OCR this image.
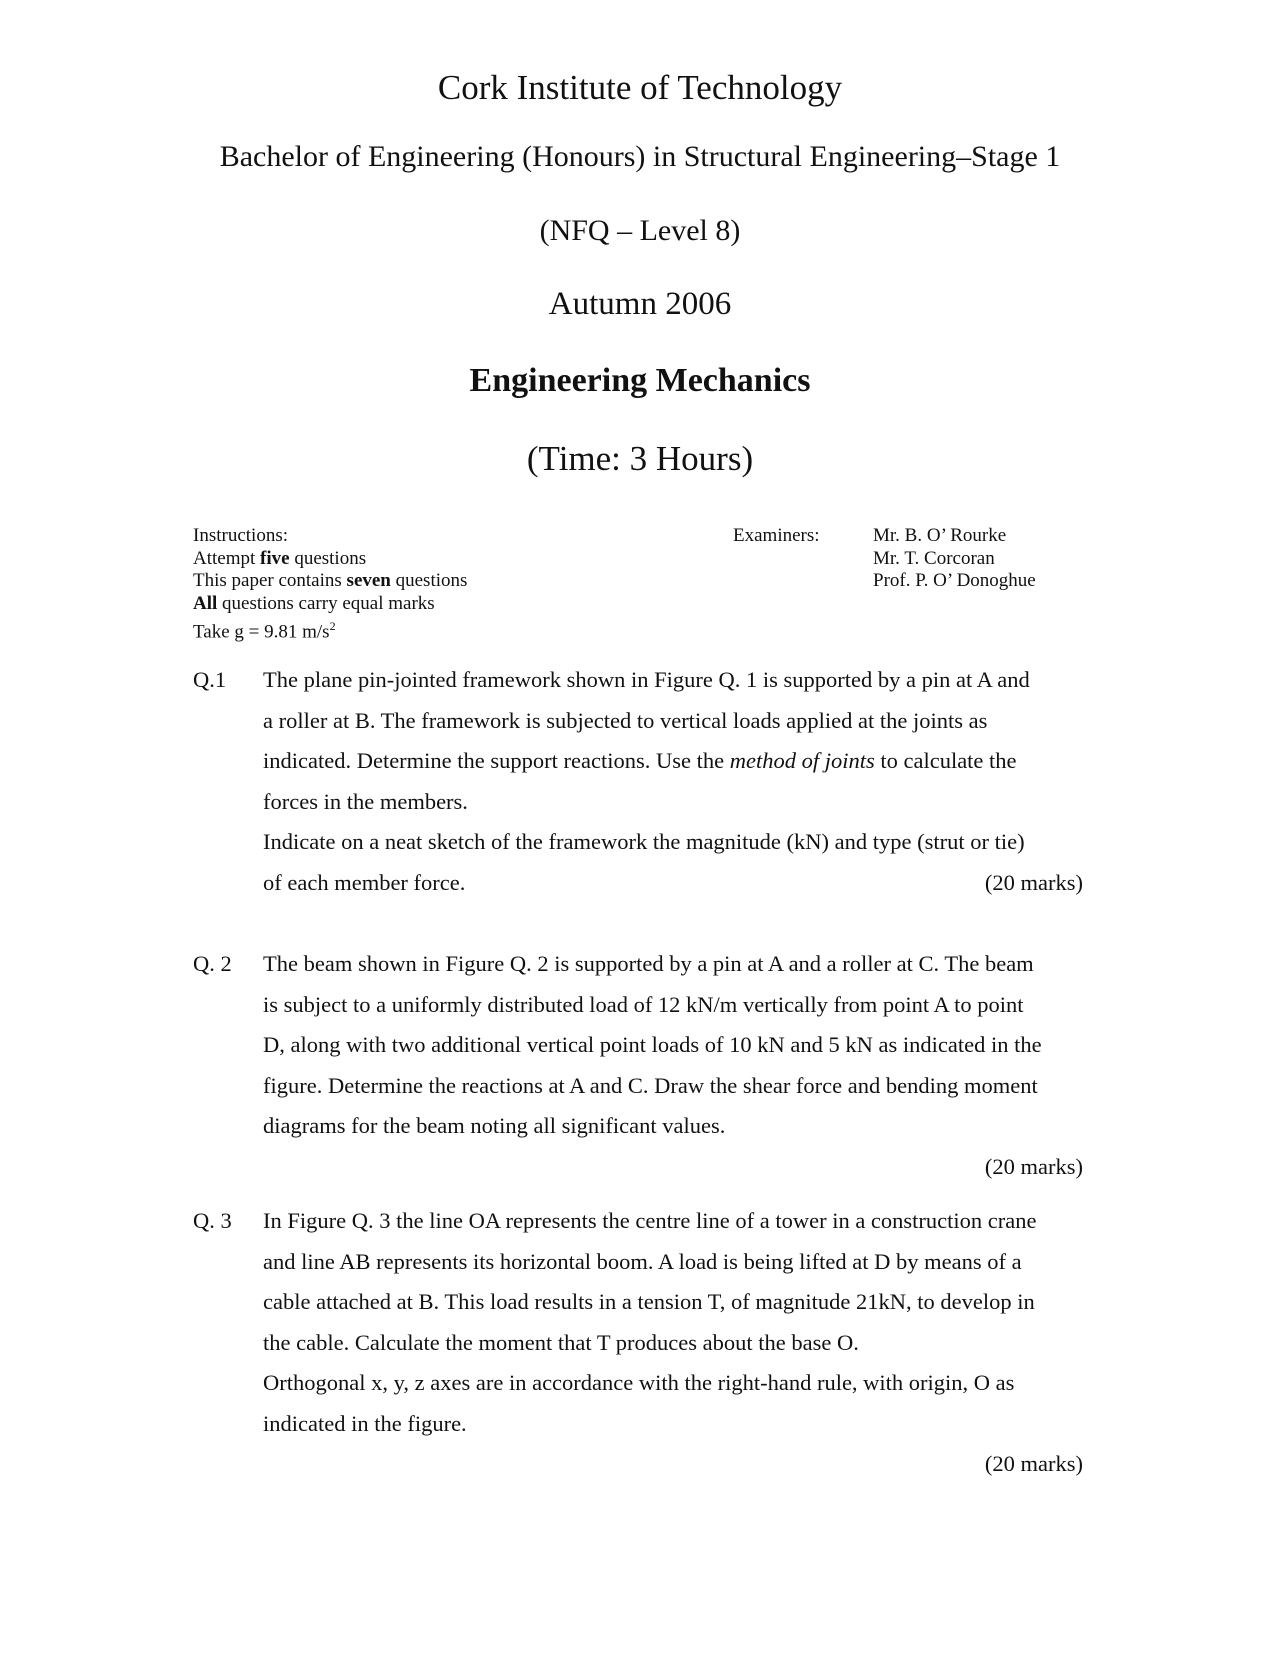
Cork Institute of Technology
Bachelor of Engineering (Honours) in Structural Engineering–Stage 1
(NFQ – Level 8)
Autumn 2006
Engineering Mechanics
(Time: 3 Hours)
Instructions:
Attempt five questions
This paper contains seven questions
All questions carry equal marks
Take g = 9.81 $m/s^2$
Examiners:	Mr. B. O’ Rourke
Mr. T. Corcoran
Prof. P. O’ Donoghue
Q.1 The plane pin-jointed framework shown in Figure Q. 1 is supported by a pin at A and
a roller at B. The framework is subjected to vertical loads applied at the joints as
indicated. Determine the support reactions. Use the method of joints to calculate the
forces in the members.
Indicate on a neat sketch of the framework the magnitude (kN) and type (strut or tie)
of each member force.	(20 marks)
Q. 2 The beam shown in Figure Q. 2 is supported by a pin at A and a roller at C. The beam
is subject to a uniformly distributed load of 12 kN/m vertically from point A to point
D, along with two additional vertical point loads of 10 kN and 5 kN as indicated in the
figure. Determine the reactions at A and C. Draw the shear force and bending moment
diagrams for the beam noting all significant values.
(20 marks)
Q. 3 In Figure Q. 3 the line OA represents the centre line of a tower in a construction crane
and line AB represents its horizontal boom. A load is being lifted at D by means of a
cable attached at B. This load results in a tension T, of magnitude 21kN, to develop in
the cable. Calculate the moment that T produces about the base O.
Orthogonal x, y, z axes are in accordance with the right-hand rule, with origin, O as
indicated in the figure.
(20 marks)
